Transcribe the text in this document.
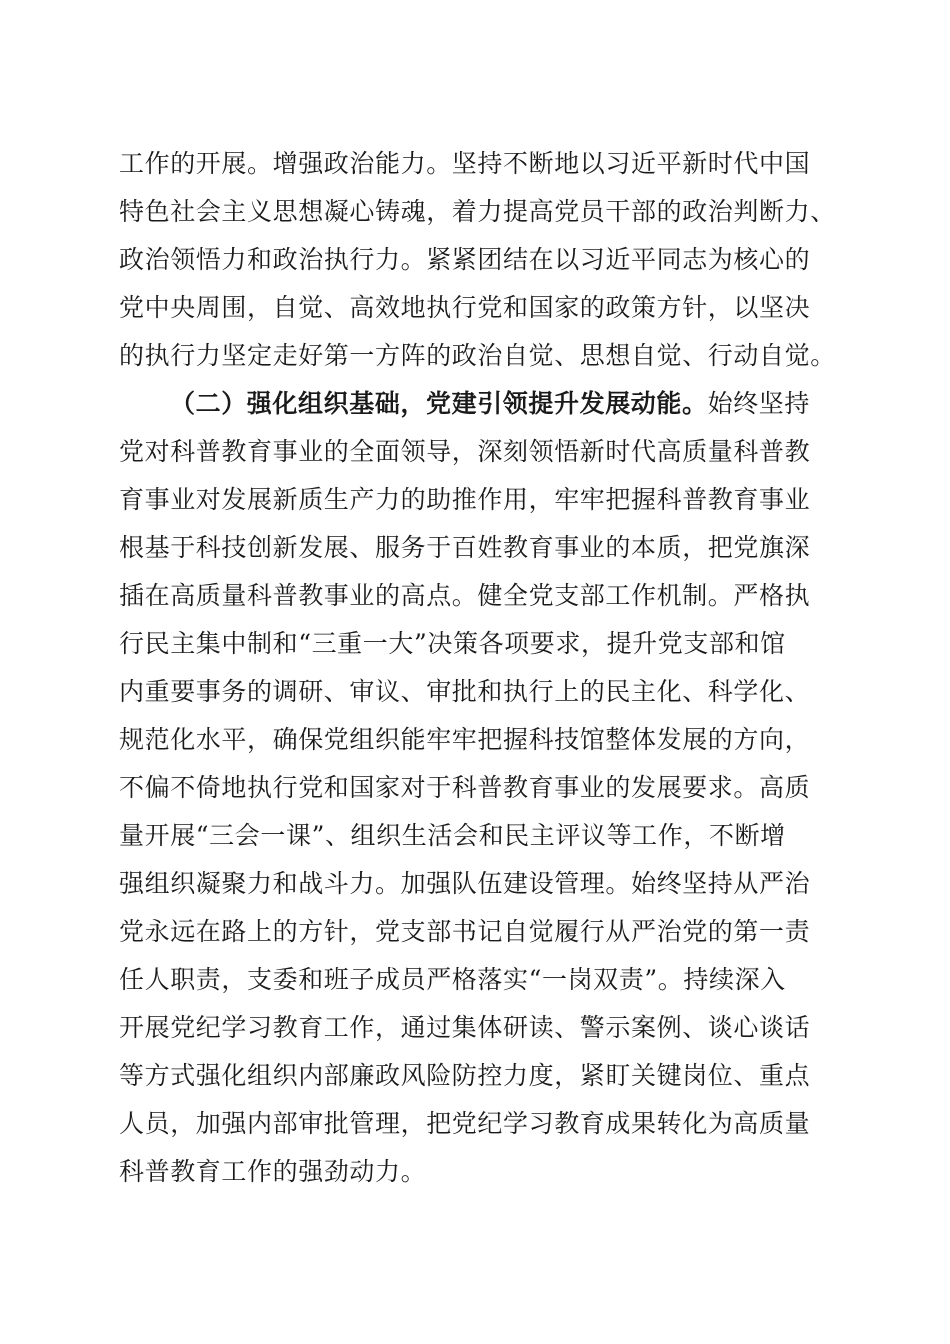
工作的开展。增强政治能力。坚持不断地以习近平新时代中国
特色社会主义思想凝心铸魂，着力提高党员干部的政治判断力、
政治领悟力和政治执行力。紧紧团结在以习近平同志为核心的
党中央周围，自觉、高效地执行党和国家的政策方针，以坚决
的执行力坚定走好第一方阵的政治自觉、思想自觉、行动自觉。
（二）强化组织基础，党建引领提升发展动能。始终坚持
党对科普教育事业的全面领导，深刻领悟新时代高质量科普教
育事业对发展新质生产力的助推作用，牢牢把握科普教育事业
根基于科技创新发展、服务于百姓教育事业的本质，把党旗深
插在高质量科普教事业的高点。健全党支部工作机制。严格执
行民主集中制和“三重一大”决策各项要求，提升党支部和馆
内重要事务的调研、审议、审批和执行上的民主化、科学化、
规范化水平，确保党组织能牢牢把握科技馆整体发展的方向，
不偏不倚地执行党和国家对于科普教育事业的发展要求。高质
量开展“三会一课”、组织生活会和民主评议等工作，不断增
强组织凝聚力和战斗力。加强队伍建设管理。始终坚持从严治
党永远在路上的方针，党支部书记自觉履行从严治党的第一责
任人职责，支委和班子成员严格落实“一岗双责”。持续深入
开展党纪学习教育工作，通过集体研读、警示案例、谈心谈话
等方式强化组织内部廉政风险防控力度，紧盯关键岗位、重点
人员，加强内部审批管理，把党纪学习教育成果转化为高质量
科普教育工作的强劲动力。
